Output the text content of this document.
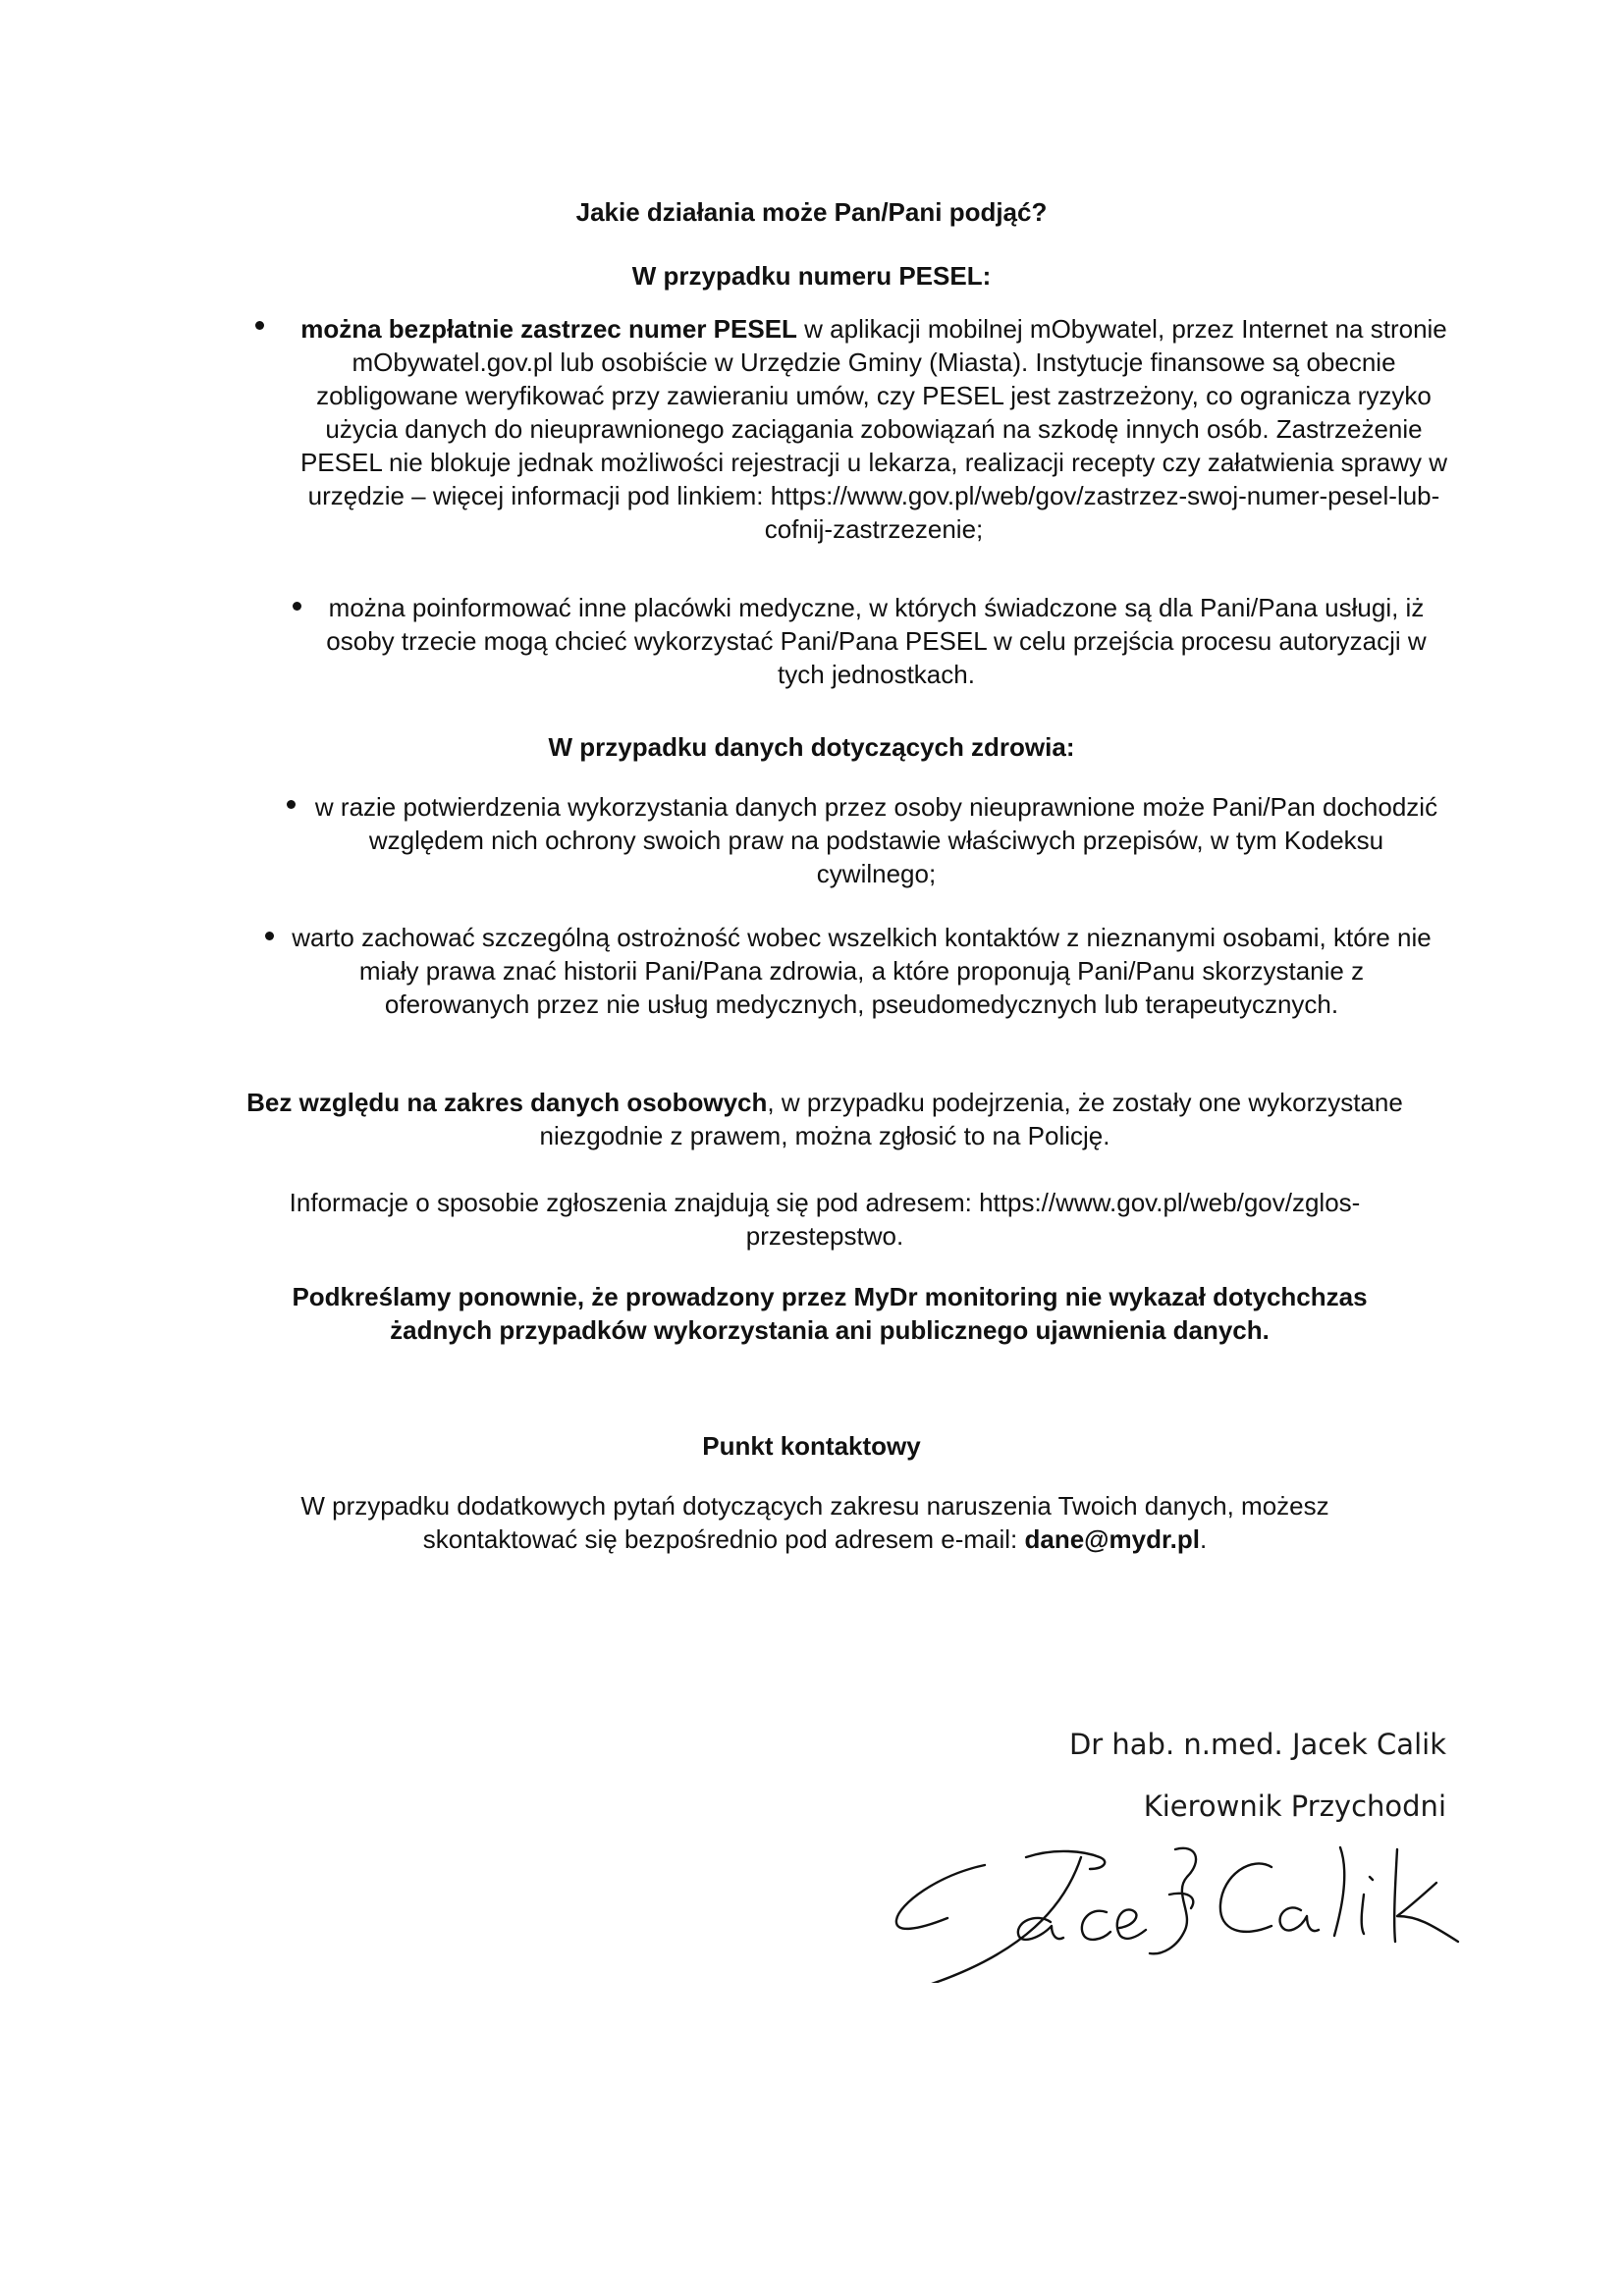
Jakie działania może Pan/Pani podjąć?
W przypadku numeru PESEL:
można bezpłatnie zastrzec numer PESEL w aplikacji mobilnej mObywatel, przez Internet na stronie mObywatel.gov.pl lub osobiście w Urzędzie Gminy (Miasta). Instytucje finansowe są obecnie zobligowane weryfikować przy zawieraniu umów, czy PESEL jest zastrzeżony, co ogranicza ryzyko użycia danych do nieuprawnionego zaciągania zobowiązań na szkodę innych osób. Zastrzeżenie PESEL nie blokuje jednak możliwości rejestracji u lekarza, realizacji recepty czy załatwienia sprawy w urzędzie – więcej informacji pod linkiem: https://www.gov.pl/web/gov/zastrzez-swoj-numer-pesel-lub-cofnij-zastrzezenie;
można poinformować inne placówki medyczne, w których świadczone są dla Pani/Pana usługi, iż osoby trzecie mogą chcieć wykorzystać Pani/Pana PESEL w celu przejścia procesu autoryzacji w tych jednostkach.
W przypadku danych dotyczących zdrowia:
w razie potwierdzenia wykorzystania danych przez osoby nieuprawnione może Pani/Pan dochodzić względem nich ochrony swoich praw na podstawie właściwych przepisów, w tym Kodeksu cywilnego;
warto zachować szczególną ostrożność wobec wszelkich kontaktów z nieznanymi osobami, które nie miały prawa znać historii Pani/Pana zdrowia, a które proponują Pani/Panu skorzystanie z oferowanych przez nie usług medycznych, pseudomedycznych lub terapeutycznych.
Bez względu na zakres danych osobowych, w przypadku podejrzenia, że zostały one wykorzystane niezgodnie z prawem, można zgłosić to na Policję.
Informacje o sposobie zgłoszenia znajdują się pod adresem: https://www.gov.pl/web/gov/zglos-przestepstwo.
Podkreślamy ponownie, że prowadzony przez MyDr monitoring nie wykazał dotychchzas żadnych przypadków wykorzystania ani publicznego ujawnienia danych.
Punkt kontaktowy
W przypadku dodatkowych pytań dotyczących zakresu naruszenia Twoich danych, możesz skontaktować się bezpośrednio pod adresem e-mail: dane@mydr.pl.
Dr hab. n.med. Jacek Calik
Kierownik Przychodni
